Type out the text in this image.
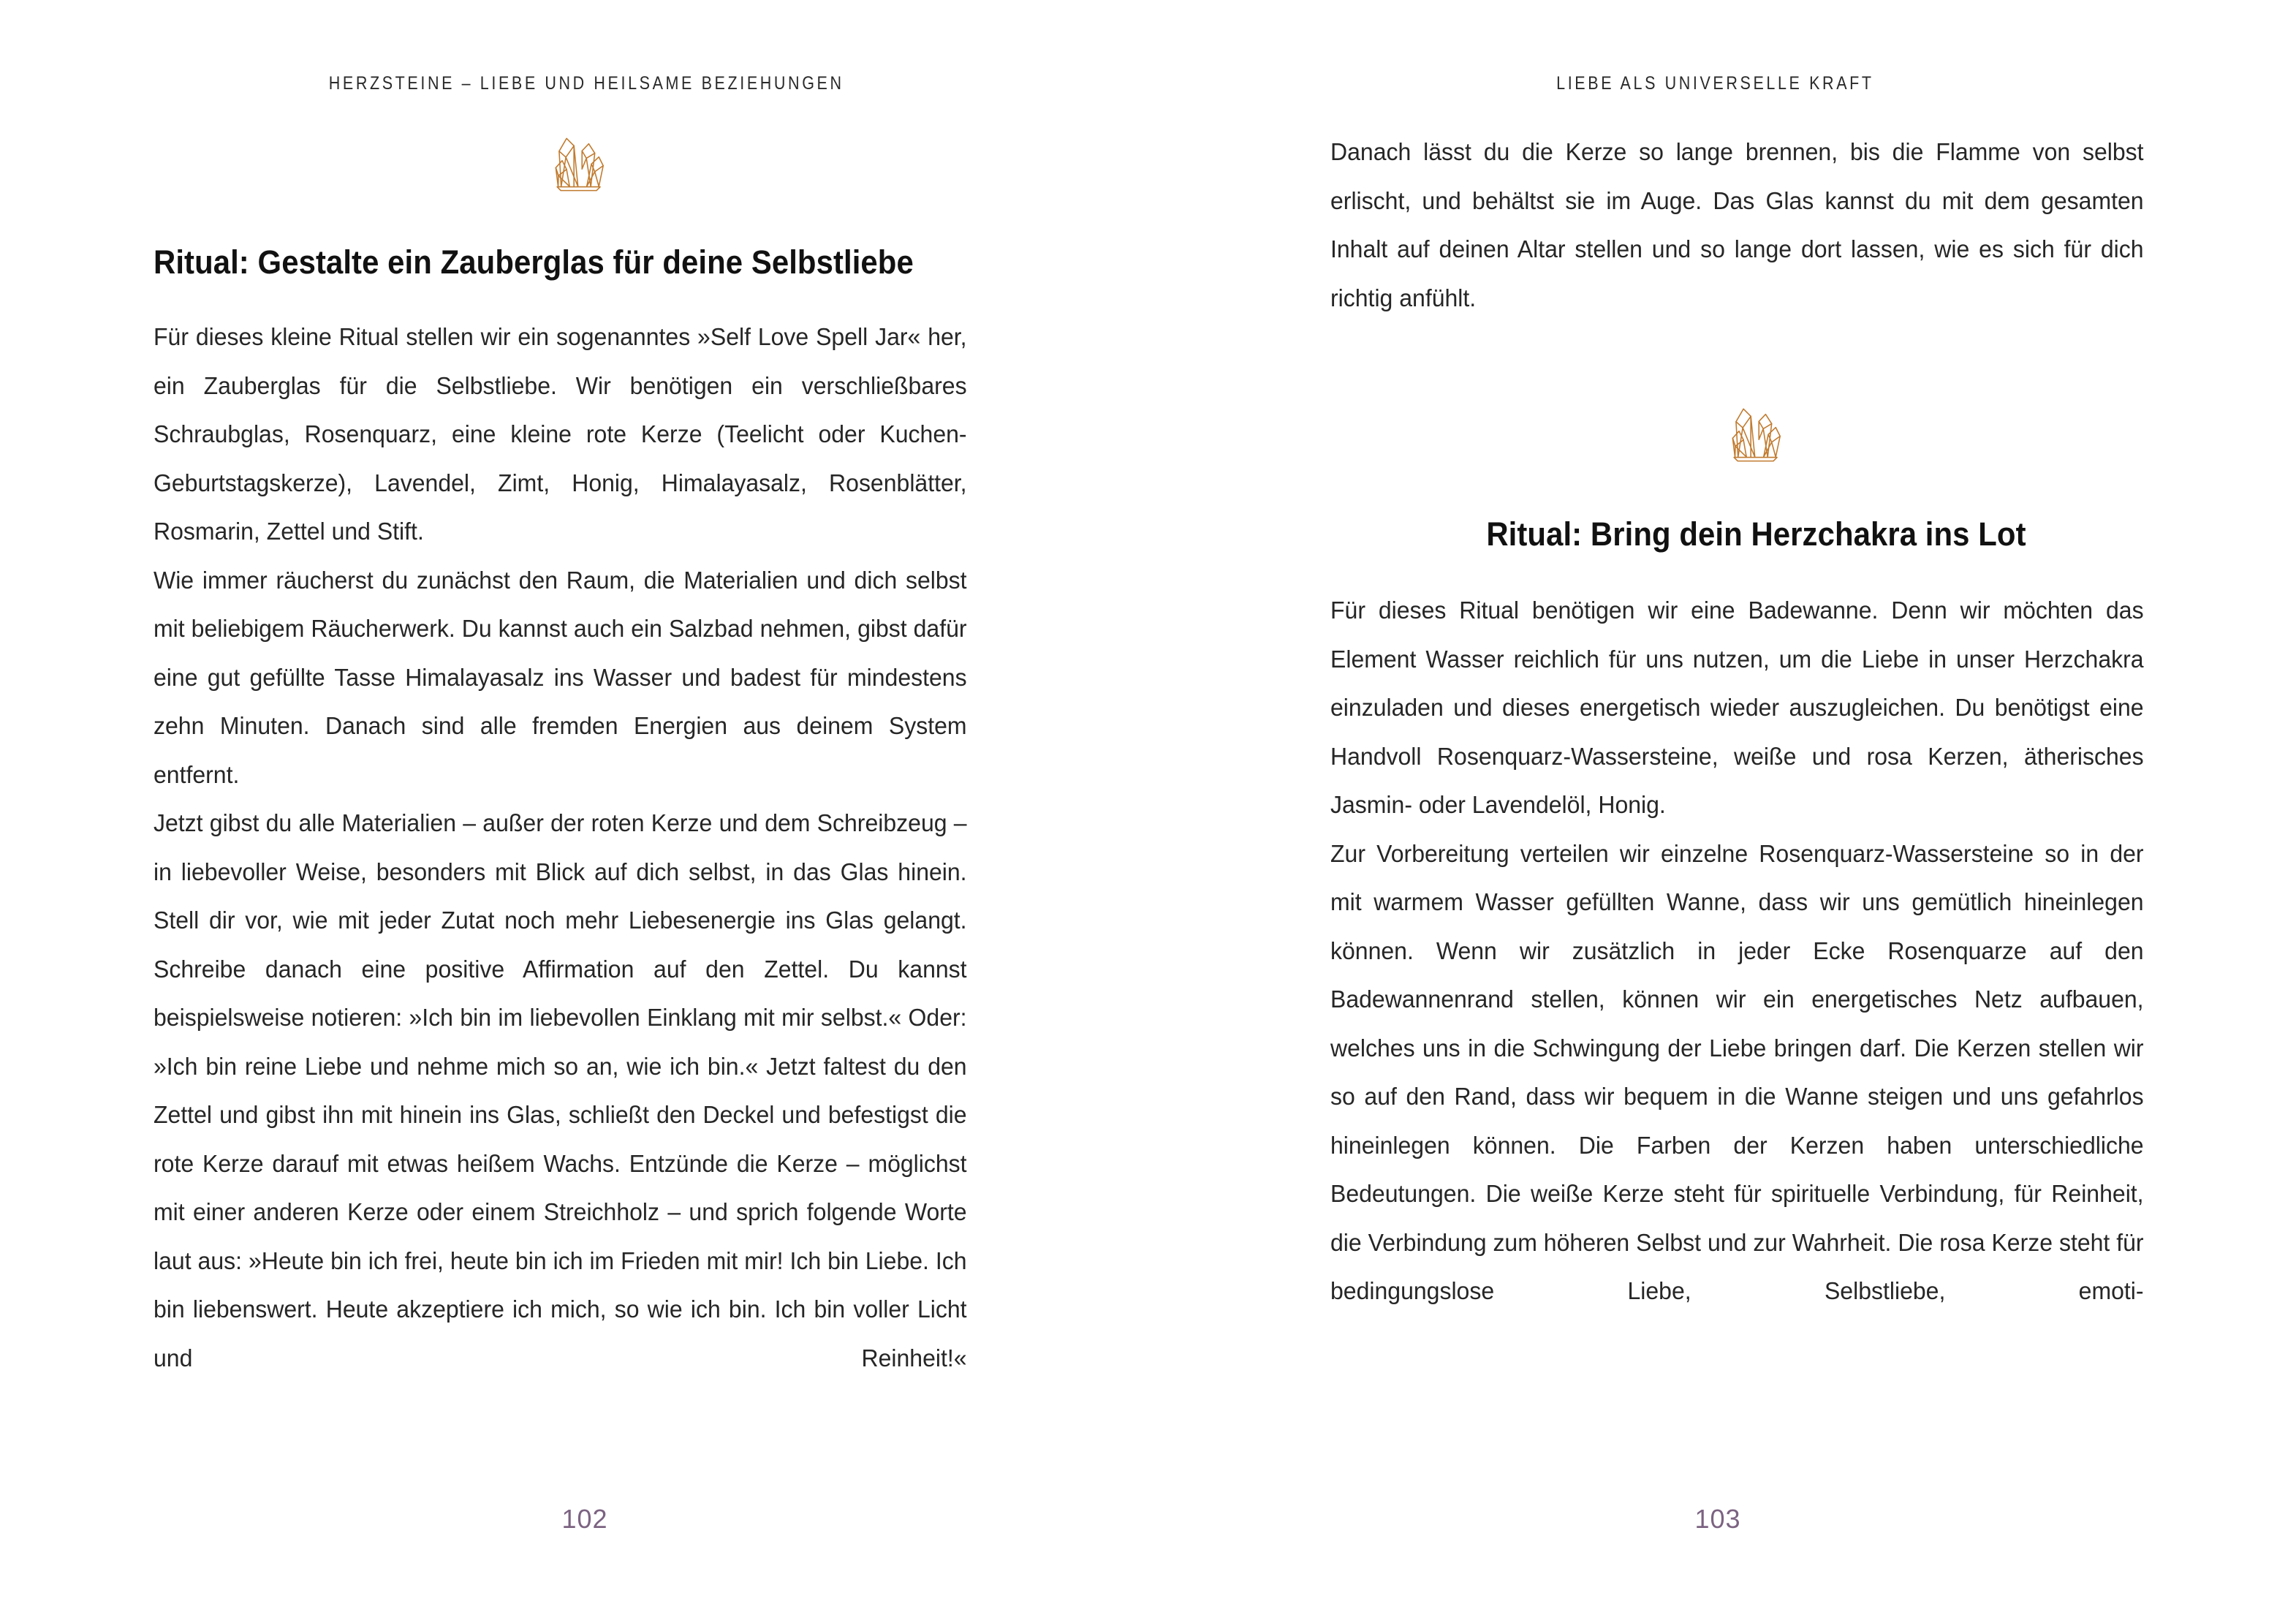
HERZSTEINE – LIEBE UND HEILSAME BEZIEHUNGEN
Ritual: Gestalte ein Zauberglas für deine Selbstliebe

Für dieses kleine Ritual stellen wir ein sogenanntes »Self Love Spell Jar« her, ein Zauberglas für die Selbstliebe. Wir benötigen ein verschließbares Schraubglas, Rosenquarz, eine kleine rote Kerze (Teelicht oder Kuchen-Geburtstagskerze), Lavendel, Zimt, Honig, Himalayasalz, Rosenblätter, Rosmarin, Zettel und Stift.

Wie immer räucherst du zunächst den Raum, die Materialien und dich selbst mit beliebigem Räucherwerk. Du kannst auch ein Salzbad nehmen, gibst dafür eine gut gefüllte Tasse Himalayasalz ins Wasser und badest für mindestens zehn Minuten. Danach sind alle fremden Energien aus deinem System entfernt.

Jetzt gibst du alle Materialien – außer der roten Kerze und dem Schreibzeug – in liebevoller Weise, besonders mit Blick auf dich selbst, in das Glas hinein. Stell dir vor, wie mit jeder Zutat noch mehr Liebesenergie ins Glas gelangt. Schreibe danach eine positive Affirmation auf den Zettel. Du kannst beispielsweise notieren: »Ich bin im liebevollen Einklang mit mir selbst.« Oder: »Ich bin reine Liebe und nehme mich so an, wie ich bin.« Jetzt faltest du den Zettel und gibst ihn mit hinein ins Glas, schließt den Deckel und befestigst die rote Kerze darauf mit etwas heißem Wachs. Entzünde die Kerze – möglichst mit einer anderen Kerze oder einem Streichholz – und sprich folgende Worte laut aus: »Heute bin ich frei, heute bin ich im Frieden mit mir! Ich bin Liebe. Ich bin liebenswert. Heute akzeptiere ich mich, so wie ich bin. Ich bin voller Licht und Reinheit!«

102
LIEBE ALS UNIVERSELLE KRAFT

Danach lässt du die Kerze so lange brennen, bis die Flamme von selbst erlischt, und behältst sie im Auge. Das Glas kannst du mit dem gesamten Inhalt auf deinen Altar stellen und so lange dort lassen, wie es sich für dich richtig anfühlt.

Ritual: Bring dein Herzchakra ins Lot

Für dieses Ritual benötigen wir eine Badewanne. Denn wir möchten das Element Wasser reichlich für uns nutzen, um die Liebe in unser Herzchakra einzuladen und dieses energetisch wieder auszugleichen. Du benötigst eine Handvoll Rosenquarz-Wassersteine, weiße und rosa Kerzen, ätherisches Jasmin- oder Lavendelöl, Honig.

Zur Vorbereitung verteilen wir einzelne Rosenquarz-Wassersteine so in der mit warmem Wasser gefüllten Wanne, dass wir uns gemütlich hineinlegen können. Wenn wir zusätzlich in jeder Ecke Rosenquarze auf den Badewannenrand stellen, können wir ein energetisches Netz aufbauen, welches uns in die Schwingung der Liebe bringen darf. Die Kerzen stellen wir so auf den Rand, dass wir bequem in die Wanne steigen und uns gefahrlos hineinlegen können. Die Farben der Kerzen haben unterschiedliche Bedeutungen. Die weiße Kerze steht für spirituelle Verbindung, für Reinheit, die Verbindung zum höheren Selbst und zur Wahrheit. Die rosa Kerze steht für bedingungslose Liebe, Selbstliebe, emoti-

103
